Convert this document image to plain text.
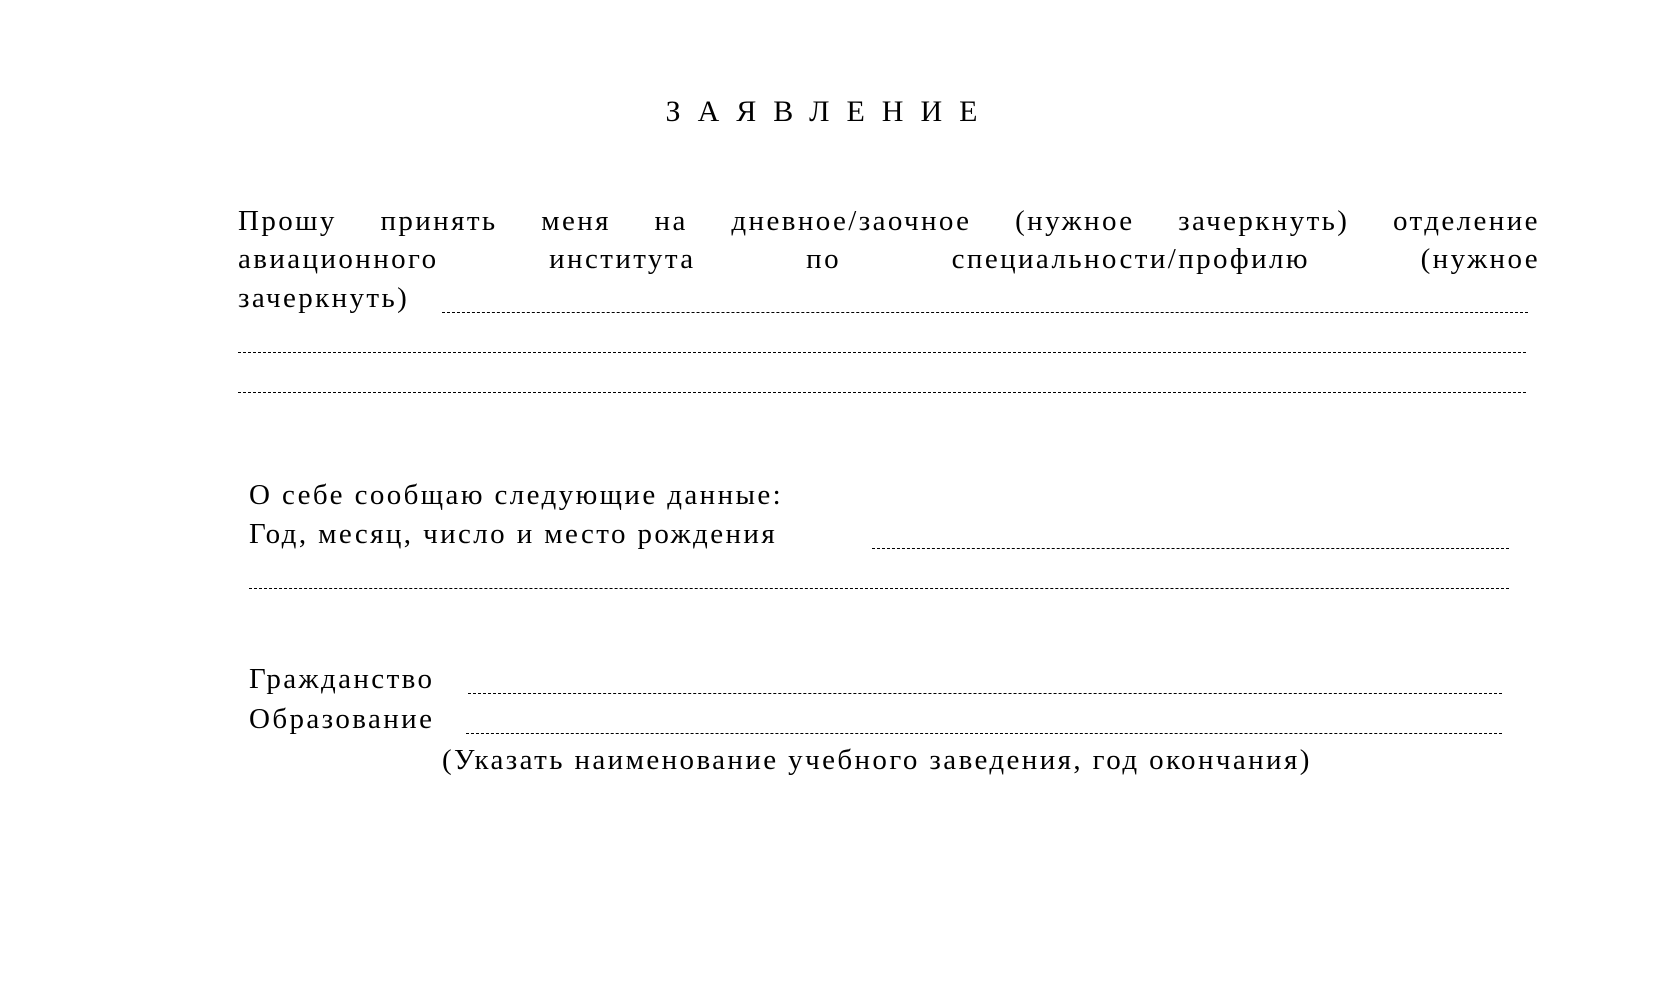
ЗАЯВЛЕНИЕ
Прошу принять меня на дневное/заочное (нужное зачеркнуть) отделение
авиационного	института	по	специальности/профилю	(нужное
зачеркнуть)
О себе сообщаю следующие данные:
Год, месяц, число и место рождения
Гражданство
Образование
(Указать наименование учебного заведения, год окончания)
